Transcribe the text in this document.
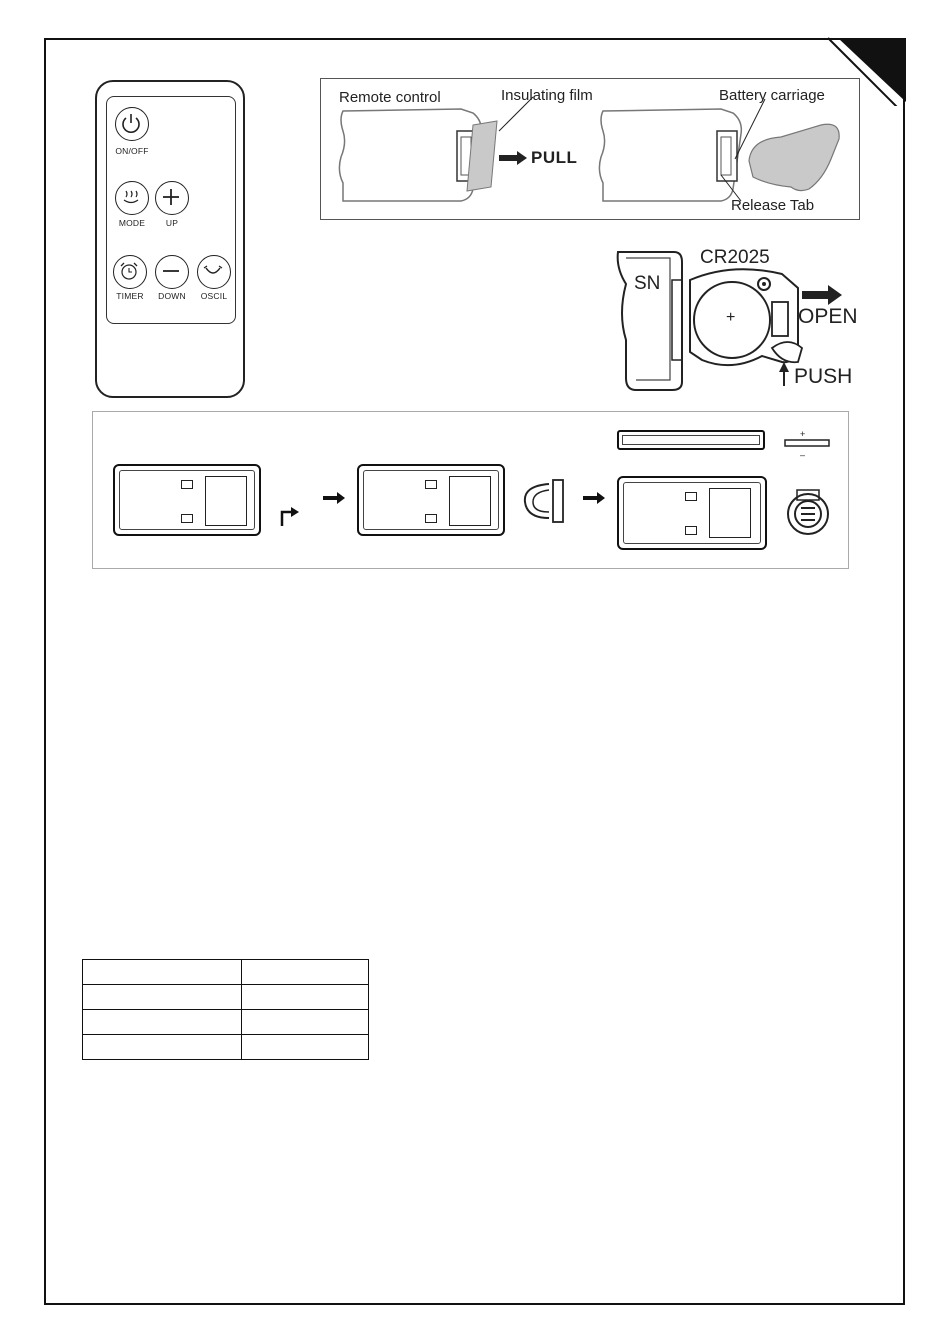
ON/OFF
MODE	UP
TIMER	DOWN	OSCIL
Remote control	Insulating film
PULL
Battery carriage
Release Tab
CR2025
SN
+	OPEN
PUSH
+
–
